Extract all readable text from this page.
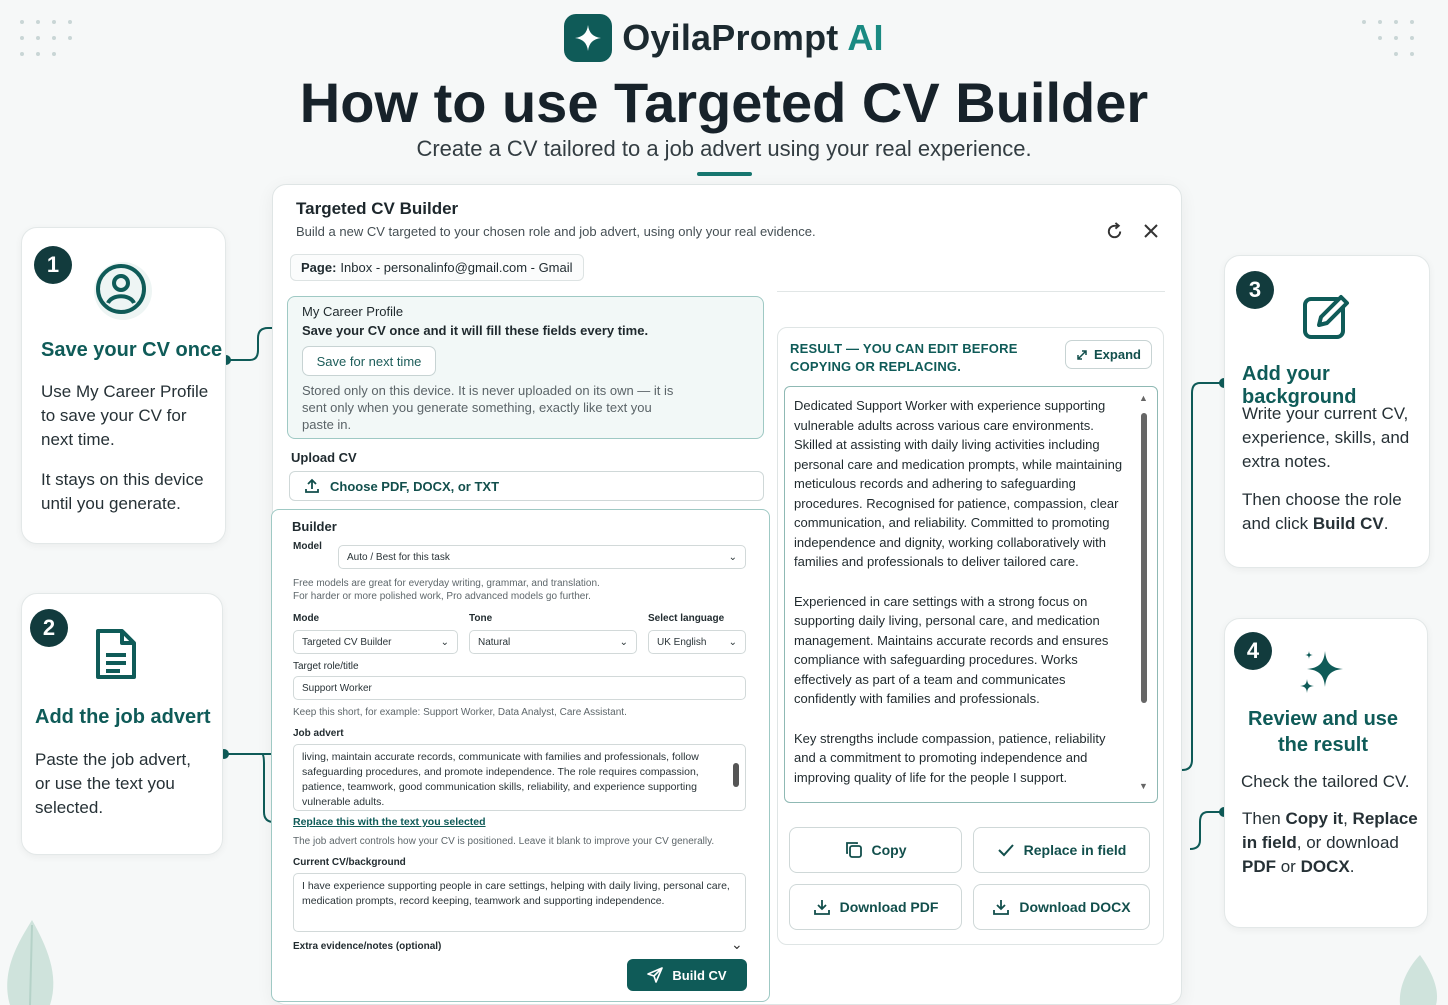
OyilaPrompt AI
How to use Targeted CV Builder
Create a CV tailored to a job advert using your real experience.
1
Save your CV once
Use My Career Profile to save your CV for next time.
It stays on this device until you generate.
2
Add the job advert
Paste the job advert, or use the text you selected.
3
Add your background
Write your current CV, experience, skills, and extra notes.
Then choose the role and click Build CV.
4
Review and use the result
Check the tailored CV.
Then Copy it, Replace in field, or download PDF or DOCX.
Targeted CV Builder
Build a new CV targeted to your chosen role and job advert, using only your real evidence.
Page: Inbox - personalinfo@gmail.com - Gmail
My Career Profile
Save your CV once and it will fill these fields every time.
Save for next time
Stored only on this device. It is never uploaded on its own — it is sent only when you generate something, exactly like text you paste in.
Upload CV
Choose PDF, DOCX, or TXT
Builder
Model
Auto / Best for this task	⌄
Free models are great for everyday writing, grammar, and translation.
For harder or more polished work, Pro advanced models go further.
Mode
Targeted CV Builder	⌄
Tone
Natural	⌄
Select language
UK English ⌄
Target role/title
Support Worker
Keep this short, for example: Support Worker, Data Analyst, Care Assistant.
Job advert
living, maintain accurate records, communicate with families and professionals, follow safeguarding procedures, and promote independence. The role requires compassion, patience, teamwork, good communication skills, reliability, and experience supporting vulnerable adults.
Replace this with the text you selected
The job advert controls how your CV is positioned. Leave it blank to improve your CV generally.
Current CV/background
I have experience supporting people in care settings, helping with daily living, personal care, medication prompts, record keeping, teamwork and supporting independence.
Extra evidence/notes (optional)	⌄
Build CV
RESULT — YOU CAN EDIT BEFORE COPYING OR REPLACING.
Expand

Dedicated Support Worker with experience supporting vulnerable adults across various care environments. Skilled at assisting with daily living activities including personal care and medication prompts, while maintaining meticulous records and adhering to safeguarding procedures. Recognised for patience, compassion, clear communication, and reliability. Committed to promoting independence and dignity, working collaboratively with families and professionals to deliver tailored care.

Experienced in care settings with a strong focus on supporting daily living, personal care, and medication management. Maintains accurate records and ensures compliance with safeguarding procedures. Works effectively as part of a team and communicates confidently with families and professionals.

Key strengths include compassion, patience, reliability and a commitment to promoting independence and improving quality of life for the people I support.

▲
▼
Copy	Replace in field
Download PDF	Download DOCX
